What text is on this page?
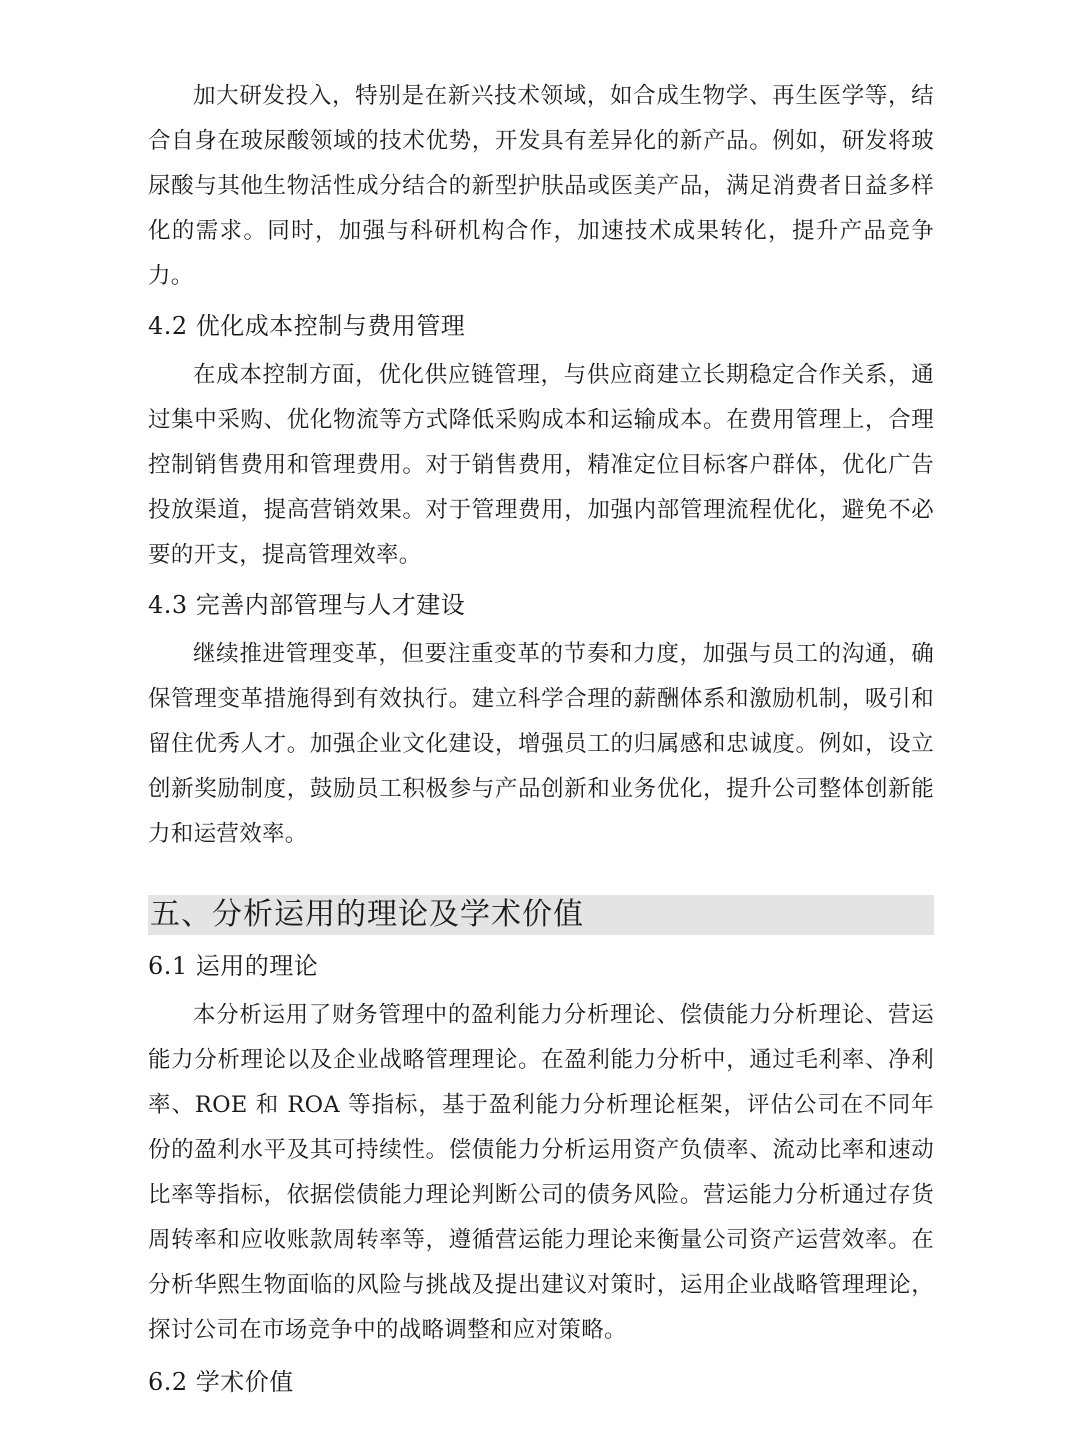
加大研发投入，特别是在新兴技术领域，如合成生物学、再生医学等，结合自身在玻尿酸领域的技术优势，开发具有差异化的新产品。例如，研发将玻尿酸与其他生物活性成分结合的新型护肤品或医美产品，满足消费者日益多样化的需求。同时，加强与科研机构合作，加速技术成果转化，提升产品竞争力。

4.2 优化成本控制与费用管理

在成本控制方面，优化供应链管理，与供应商建立长期稳定合作关系，通过集中采购、优化物流等方式降低采购成本和运输成本。在费用管理上，合理控制销售费用和管理费用。对于销售费用，精准定位目标客户群体，优化广告投放渠道，提高营销效果。对于管理费用，加强内部管理流程优化，避免不必要的开支，提高管理效率。

4.3 完善内部管理与人才建设

继续推进管理变革，但要注重变革的节奏和力度，加强与员工的沟通，确保管理变革措施得到有效执行。建立科学合理的薪酬体系和激励机制，吸引和留住优秀人才。加强企业文化建设，增强员工的归属感和忠诚度。例如，设立创新奖励制度，鼓励员工积极参与产品创新和业务优化，提升公司整体创新能力和运营效率。

五、分析运用的理论及学术价值
6.1 运用的理论

本分析运用了财务管理中的盈利能力分析理论、偿债能力分析理论、营运能力分析理论以及企业战略管理理论。在盈利能力分析中，通过毛利率、净利率、ROE 和 ROA 等指标，基于盈利能力分析理论框架，评估公司在不同年份的盈利水平及其可持续性。偿债能力分析运用资产负债率、流动比率和速动比率等指标，依据偿债能力理论判断公司的债务风险。营运能力分析通过存货周转率和应收账款周转率等，遵循营运能力理论来衡量公司资产运营效率。在分析华熙生物面临的风险与挑战及提出建议对策时，运用企业战略管理理论，探讨公司在市场竞争中的战略调整和应对策略。

6.2 学术价值
